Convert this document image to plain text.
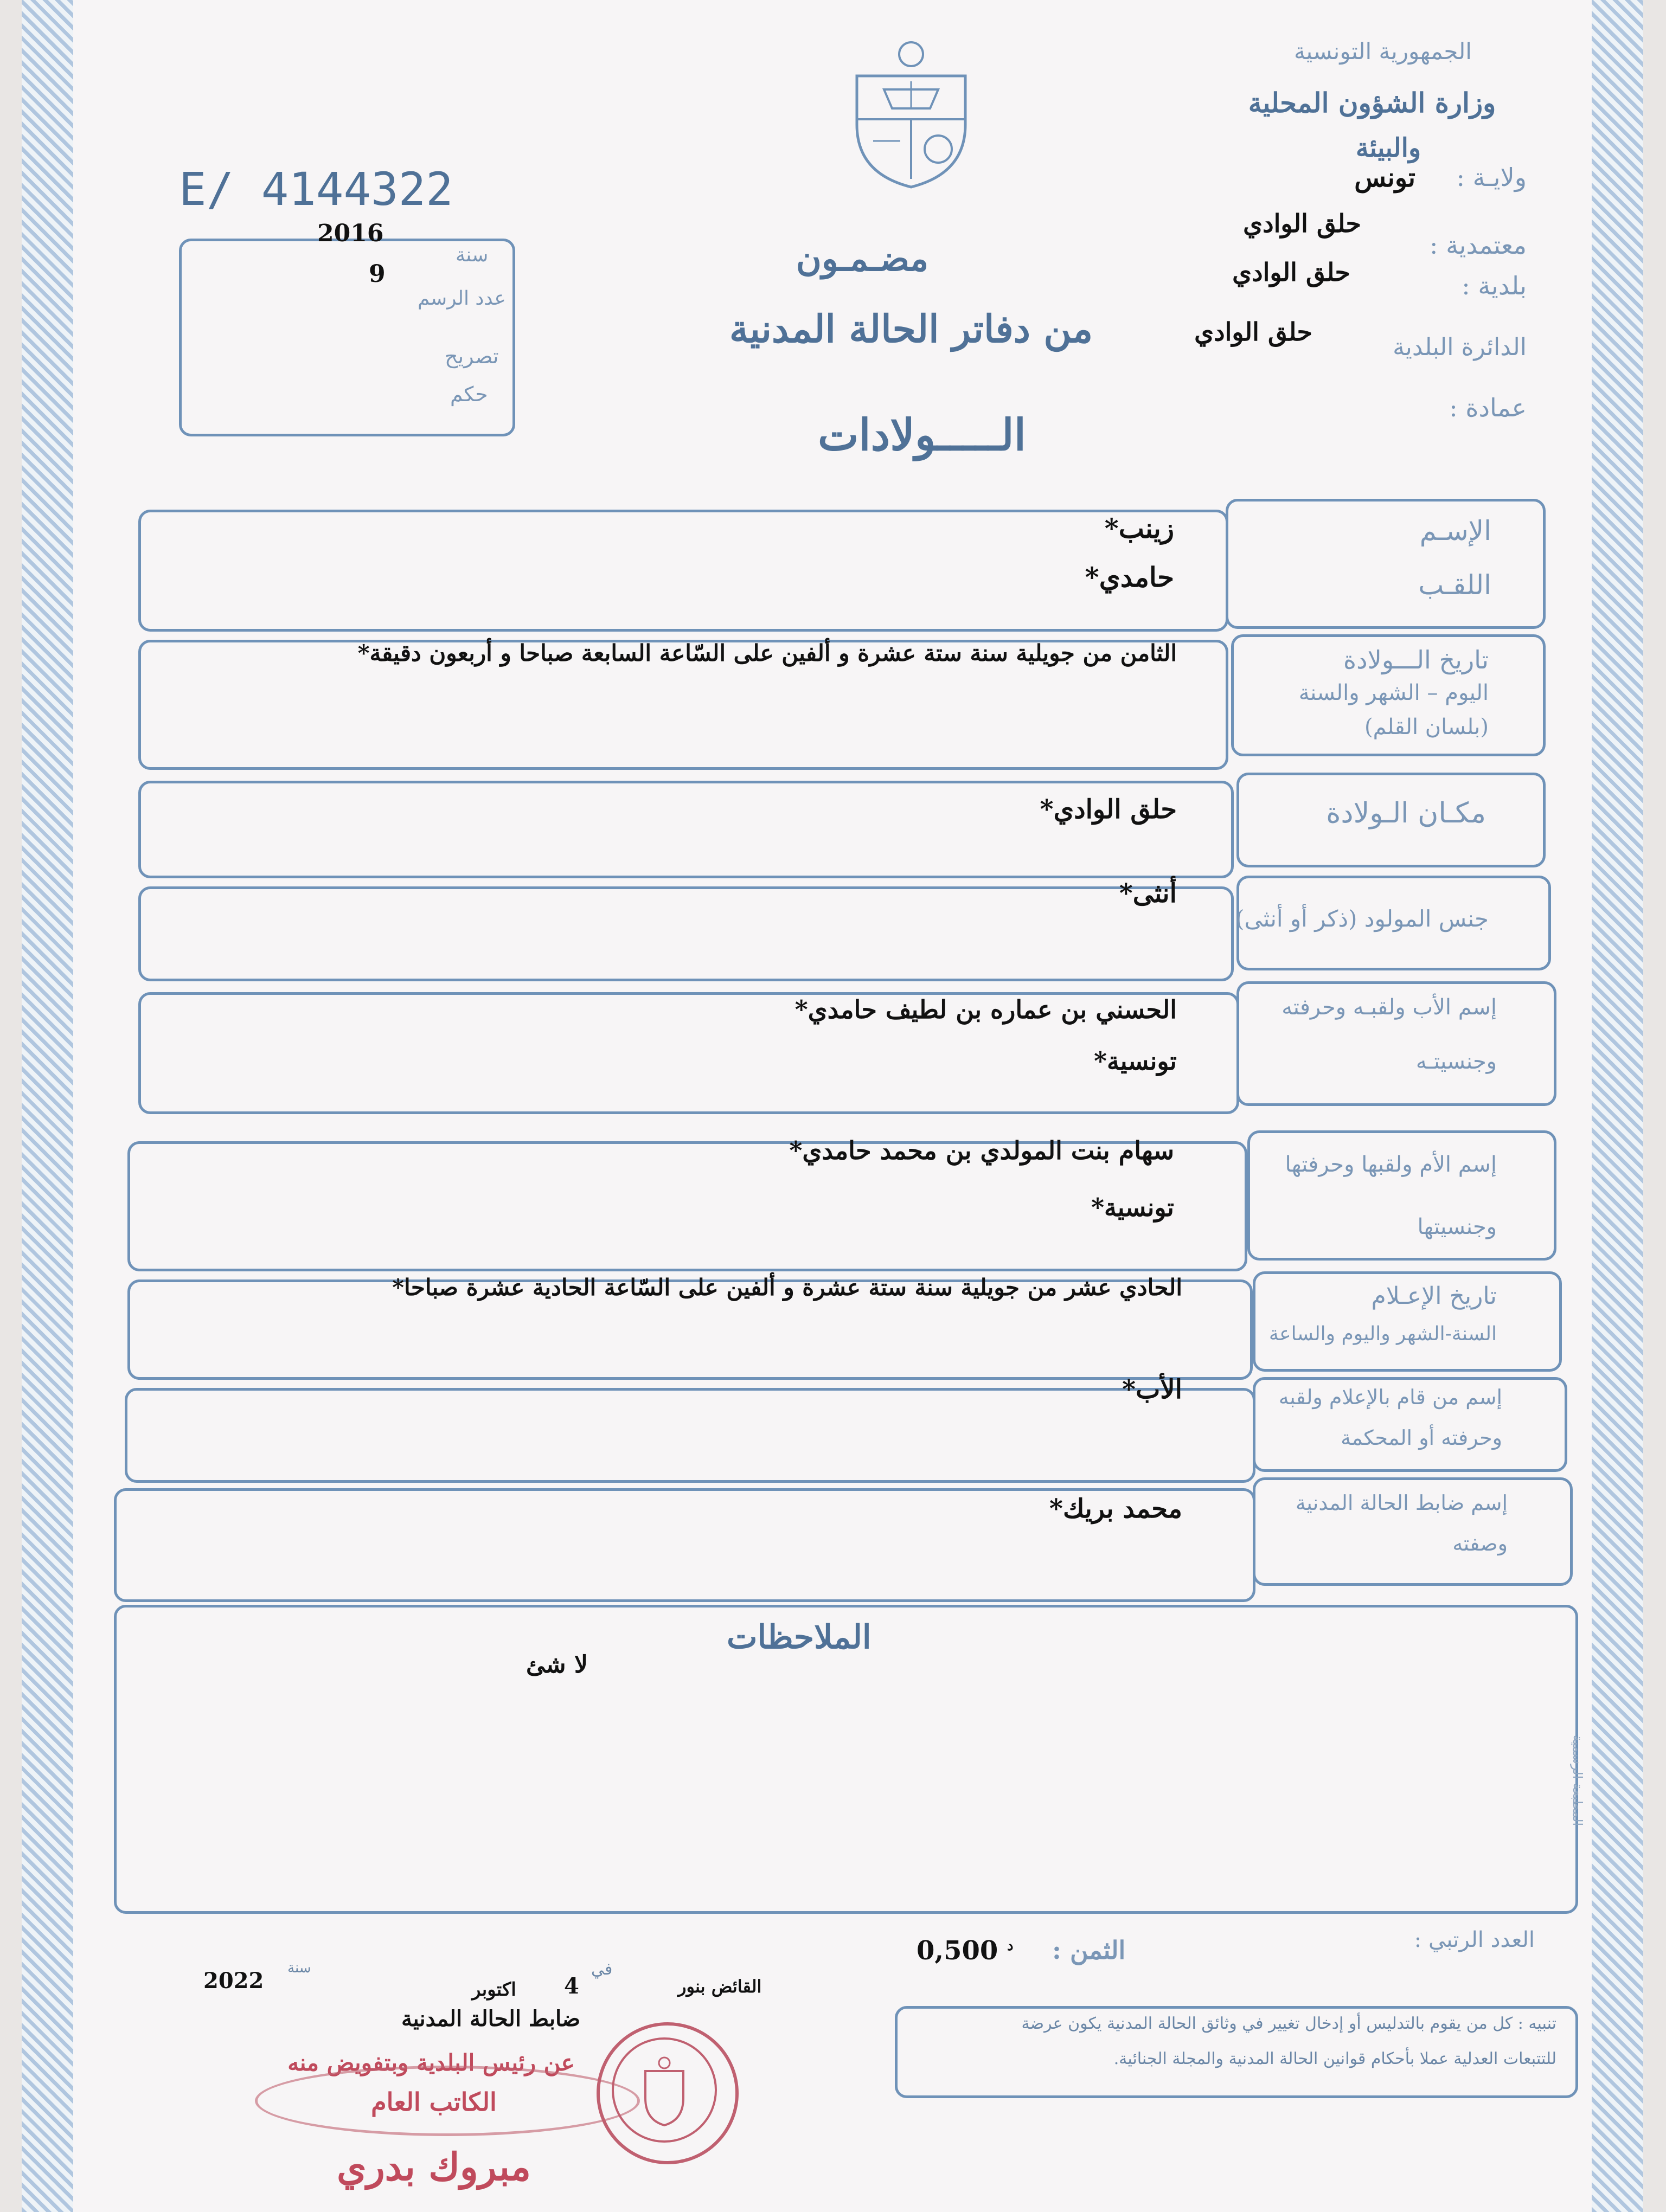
الجمهورية التونسية
وزارة الشؤون المحلية
والبيئة
ولايـة :
تونس
معتمدية :
حلق الوادي
بلدية :
حلق الوادي
الدائرة البلدية
حلق الوادي
عمادة :
E/ 4144322
2016
سنة
9
عدد الرسم
تصريح
حكم
مضـمـون
من دفاتر الحالة المدنية
الـــــولادات
الإسـم
اللقـب
زينب*
حامدي*
تاريخ الـــولادة
اليوم – الشهر والسنة
(بلسان القلم)
الثامن من جويلية سنة ستة عشرة و ألفين على السّاعة السابعة صباحا و أربعون دقيقة*
مكـان الـولادة
حلق الوادي*
جنس المولود (ذكر أو أنثى)
أنثى*
إسم الأب ولقبـه وحرفته
وجنسيتـه
الحسني بن عماره بن لطيف حامدي*
تونسية*
إسم الأم ولقبها وحرفتها
وجنسيتها
سهام بنت المولدي بن محمد حامدي*
تونسية*
تاريخ الإعـلام
السنة-الشهر واليوم والساعة
الحادي عشر من جويلية سنة ستة عشرة و ألفين على السّاعة الحادية عشرة صباحا*
إسم من قام بالإعلام ولقبه
وحرفته أو المحكمة
الأب*
إسم ضابط الحالة المدنية
وصفته
محمد بريك*
الملاحظات
لا شئ
المطبعة الرسمية
العدد الرتبي :
الثمن :
0,500 $^د$
تنبيه : كل من يقوم بالتدليس أو إدخال تغيير في وثائق الحالة المدنية يكون عرضة
للتتبعات العدلية عملا بأحكام قوانين الحالة المدنية والمجلة الجنائية.
القائض بنور
في
4
اكتوبر
سنة
2022
ضابط الحالة المدنية
عن رئيس البلدية وبتفويض منه
الكاتب العام
مبروك بدري
